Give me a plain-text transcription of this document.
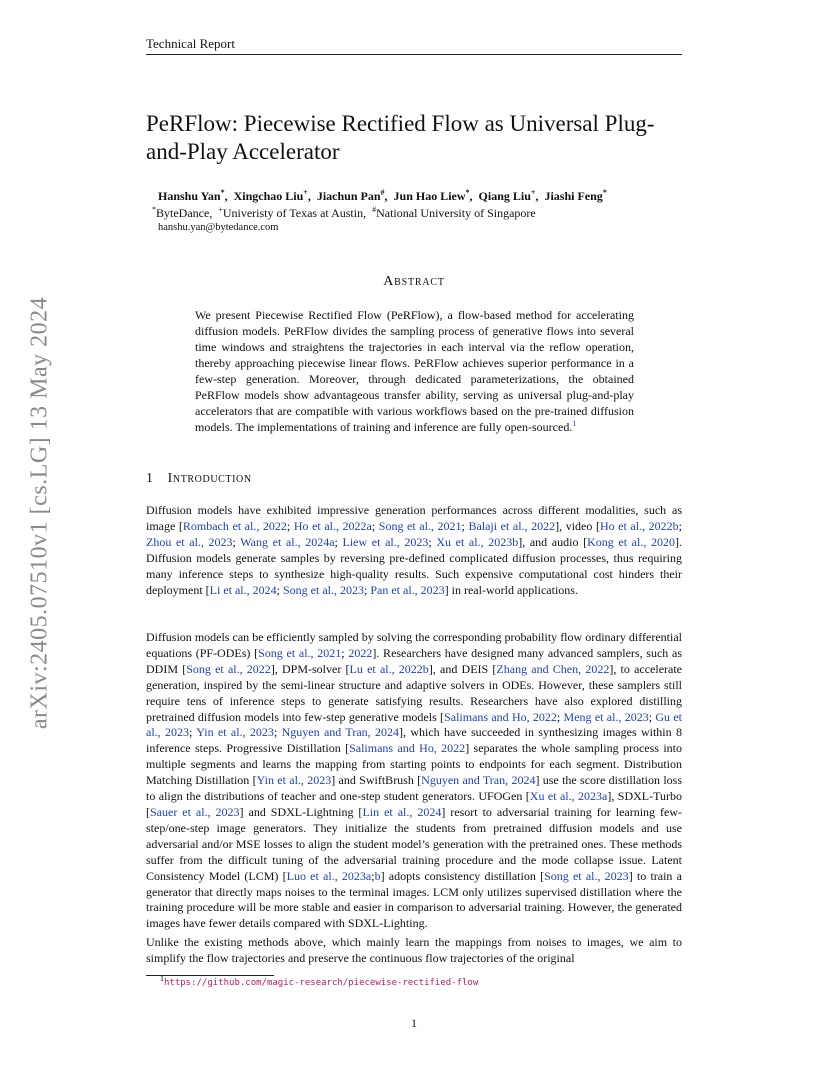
Technical Report
arXiv:2405.07510v1 [cs.LG] 13 May 2024
PeRFlow: Piecewise Rectified Flow as Universal Plug-and-Play Accelerator
Hanshu Yan*,  Xingchao Liu+,  Jiachun Pan#,  Jun Hao Liew*,  Qiang Liu+,  Jiashi Feng*
*ByteDance,  +Univeristy of Texas at Austin,  #National University of Singapore
hanshu.yan@bytedance.com
Abstract

We present Piecewise Rectified Flow (PeRFlow), a flow-based method for accelerating diffusion models. PeRFlow divides the sampling process of generative flows into several time windows and straightens the trajectories in each interval via the reflow operation, thereby approaching piecewise linear flows. PeRFlow achieves superior performance in a few-step generation. Moreover, through dedicated parameterizations, the obtained PeRFlow models show advantageous transfer ability, serving as universal plug-and-play accelerators that are compatible with various workflows based on the pre-trained diffusion models. The implementations of training and inference are fully open-sourced.$^1$

1 Introduction

Diffusion models have exhibited impressive generation performances across different modalities, such as image [Rombach et al., 2022; Ho et al., 2022a; Song et al., 2021; Balaji et al., 2022], video [Ho et al., 2022b; Zhou et al., 2023; Wang et al., 2024a; Liew et al., 2023; Xu et al., 2023b], and audio [Kong et al., 2020]. Diffusion models generate samples by reversing pre-defined complicated diffusion processes, thus requiring many inference steps to synthesize high-quality results. Such expensive computational cost hinders their deployment [Li et al., 2024; Song et al., 2023; Pan et al., 2023] in real-world applications.

Diffusion models can be efficiently sampled by solving the corresponding probability flow ordinary differential equations (PF-ODEs) [Song et al., 2021; 2022]. Researchers have designed many advanced samplers, such as DDIM [Song et al., 2022], DPM-solver [Lu et al., 2022b], and DEIS [Zhang and Chen, 2022], to accelerate generation, inspired by the semi-linear structure and adaptive solvers in ODEs. However, these samplers still require tens of inference steps to generate satisfying results. Researchers have also explored distilling pretrained diffusion models into few-step generative models [Salimans and Ho, 2022; Meng et al., 2023; Gu et al., 2023; Yin et al., 2023; Nguyen and Tran, 2024], which have succeeded in synthesizing images within 8 inference steps. Progressive Distillation [Salimans and Ho, 2022] separates the whole sampling process into multiple segments and learns the mapping from starting points to endpoints for each segment. Distribution Matching Distillation [Yin et al., 2023] and SwiftBrush [Nguyen and Tran, 2024] use the score distillation loss to align the distributions of teacher and one-step student generators. UFOGen [Xu et al., 2023a], SDXL-Turbo [Sauer et al., 2023] and SDXL-Lightning [Lin et al., 2024] resort to adversarial training for learning few-step/one-step image generators. They initialize the students from pretrained diffusion models and use adversarial and/or MSE losses to align the student model’s generation with the pretrained ones. These methods suffer from the difficult tuning of the adversarial training procedure and the mode collapse issue. Latent Consistency Model (LCM) [Luo et al., 2023a;b] adopts consistency distillation [Song et al., 2023] to train a generator that directly maps noises to the terminal images. LCM only utilizes supervised distillation where the training procedure will be more stable and easier in comparison to adversarial training. However, the generated images have fewer details compared with SDXL-Lighting.

Unlike the existing methods above, which mainly learn the mappings from noises to images, we aim to simplify the flow trajectories and preserve the continuous flow trajectories of the original

$^1$https://github.com/magic-research/piecewise-rectified-flow
1
